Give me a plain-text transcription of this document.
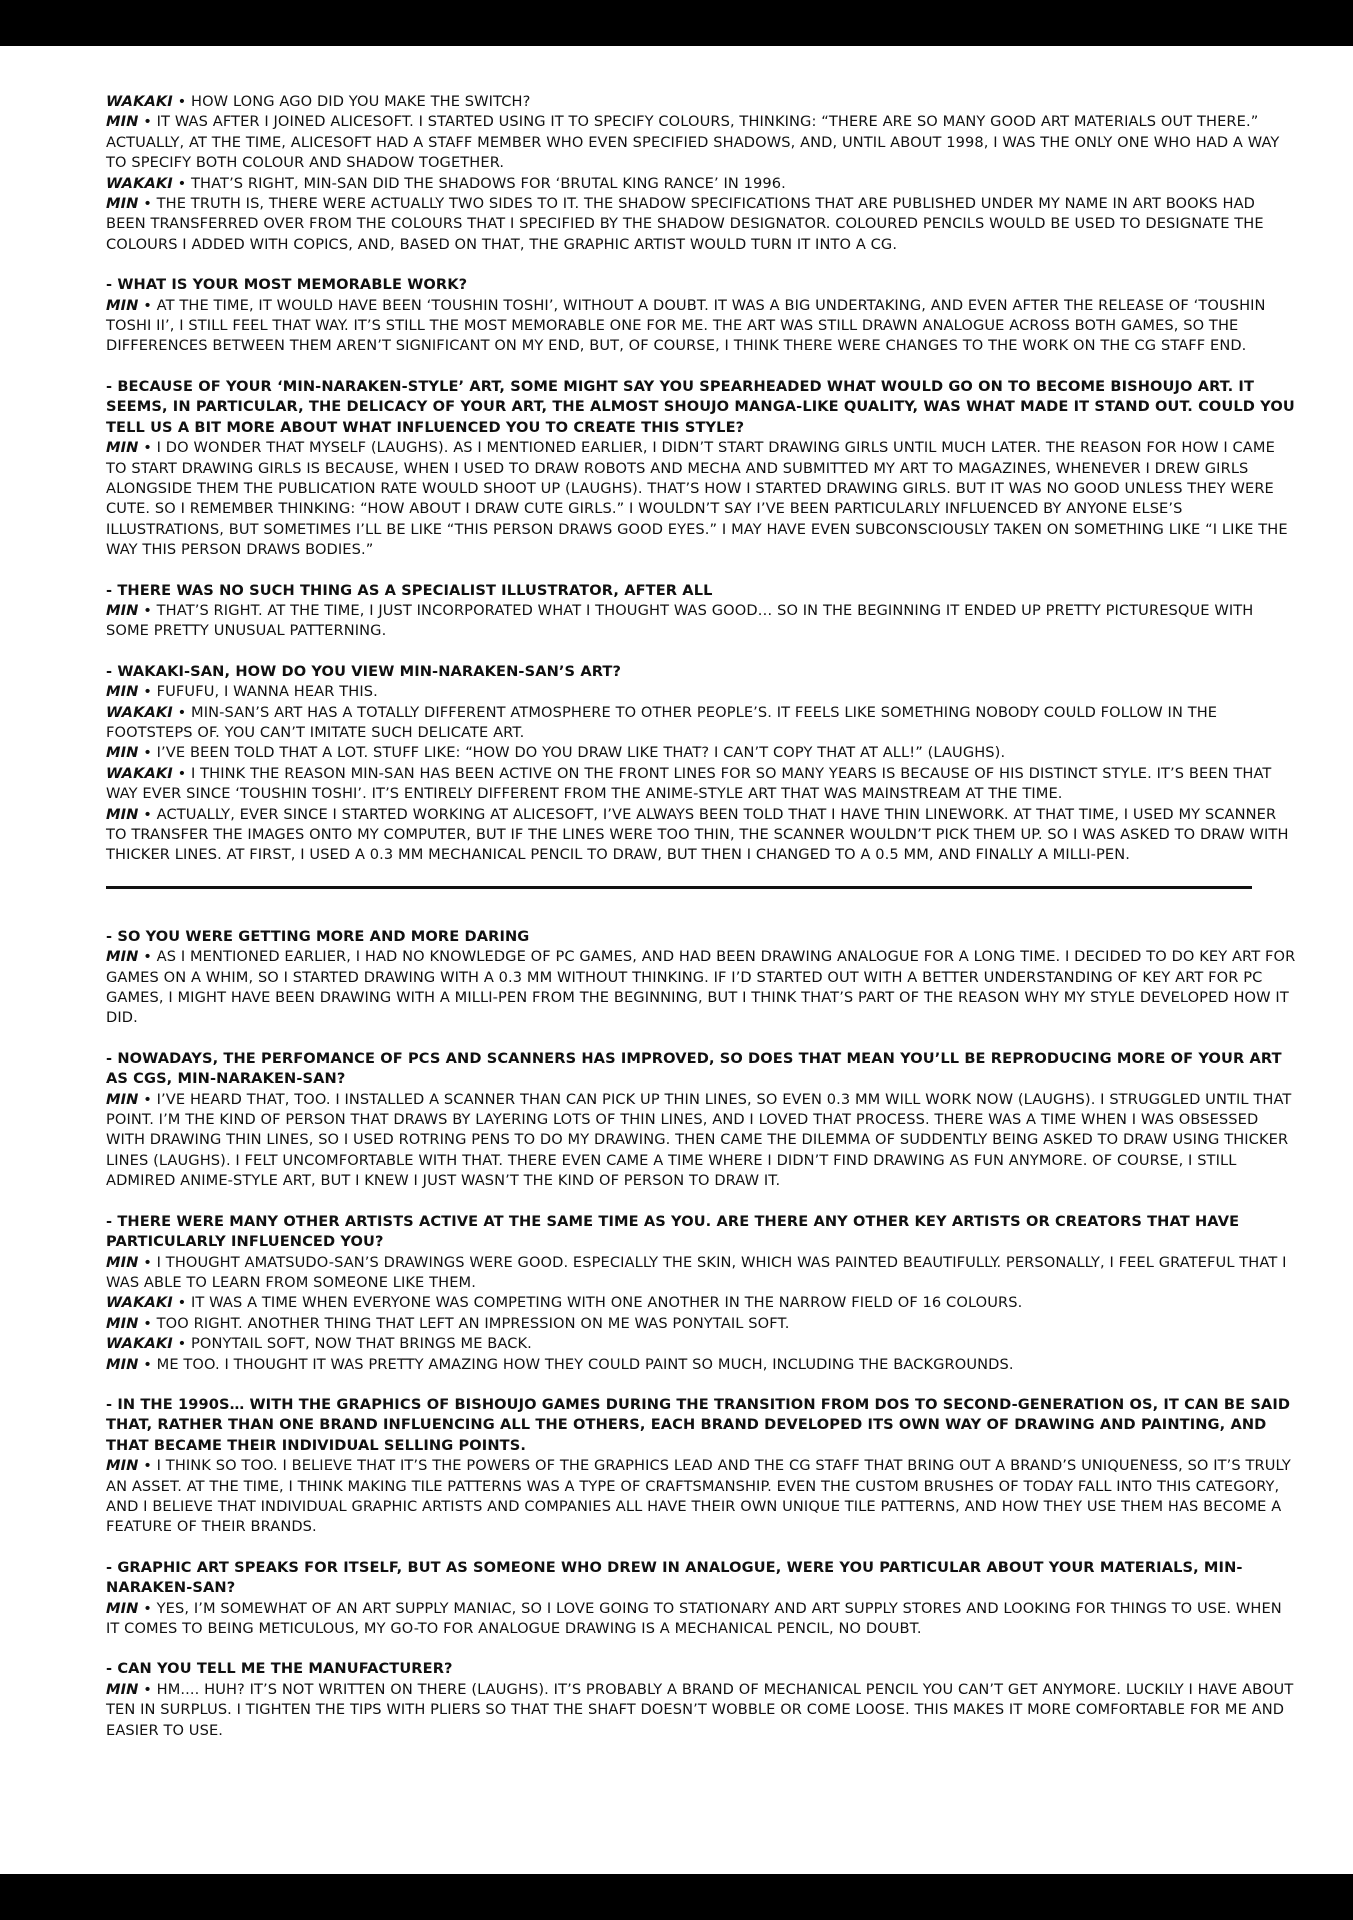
WAKAKI • HOW LONG AGO DID YOU MAKE THE SWITCH?
MIN • IT WAS AFTER I JOINED ALICESOFT. I STARTED USING IT TO SPECIFY COLOURS, THINKING: “THERE ARE SO MANY GOOD ART MATERIALS OUT THERE.” ACTUALLY, AT THE TIME, ALICESOFT HAD A STAFF MEMBER WHO EVEN SPECIFIED SHADOWS, AND, UNTIL ABOUT 1998, I WAS THE ONLY ONE WHO HAD A WAY TO SPECIFY BOTH COLOUR AND SHADOW TOGETHER.
WAKAKI • THAT’S RIGHT, MIN-SAN DID THE SHADOWS FOR ‘BRUTAL KING RANCE’ IN 1996.
MIN • THE TRUTH IS, THERE WERE ACTUALLY TWO SIDES TO IT. THE SHADOW SPECIFICATIONS THAT ARE PUBLISHED UNDER MY NAME IN ART BOOKS HAD BEEN TRANSFERRED OVER FROM THE COLOURS THAT I SPECIFIED BY THE SHADOW DESIGNATOR. COLOURED PENCILS WOULD BE USED TO DESIGNATE THE COLOURS I ADDED WITH COPICS, AND, BASED ON THAT, THE GRAPHIC ARTIST WOULD TURN IT INTO A CG.
- WHAT IS YOUR MOST MEMORABLE WORK?
MIN • AT THE TIME, IT WOULD HAVE BEEN ‘TOUSHIN TOSHI’, WITHOUT A DOUBT. IT WAS A BIG UNDERTAKING, AND EVEN AFTER THE RELEASE OF ‘TOUSHIN TOSHI II’, I STILL FEEL THAT WAY. IT’S STILL THE MOST MEMORABLE ONE FOR ME. THE ART WAS STILL DRAWN ANALOGUE ACROSS BOTH GAMES, SO THE DIFFERENCES BETWEEN THEM AREN’T SIGNIFICANT ON MY END, BUT, OF COURSE, I THINK THERE WERE CHANGES TO THE WORK ON THE CG STAFF END.
- BECAUSE OF YOUR ‘MIN-NARAKEN-STYLE’ ART, SOME MIGHT SAY YOU SPEARHEADED WHAT WOULD GO ON TO BECOME BISHOUJO ART. IT SEEMS, IN PARTICULAR, THE DELICACY OF YOUR ART, THE ALMOST SHOUJO MANGA-LIKE QUALITY, WAS WHAT MADE IT STAND OUT. COULD YOU TELL US A BIT MORE ABOUT WHAT INFLUENCED YOU TO CREATE THIS STYLE?
MIN • I DO WONDER THAT MYSELF (LAUGHS). AS I MENTIONED EARLIER, I DIDN’T START DRAWING GIRLS UNTIL MUCH LATER. THE REASON FOR HOW I CAME TO START DRAWING GIRLS IS BECAUSE, WHEN I USED TO DRAW ROBOTS AND MECHA AND SUBMITTED MY ART TO MAGAZINES, WHENEVER I DREW GIRLS ALONGSIDE THEM THE PUBLICATION RATE WOULD SHOOT UP (LAUGHS). THAT’S HOW I STARTED DRAWING GIRLS. BUT IT WAS NO GOOD UNLESS THEY WERE CUTE. SO I REMEMBER THINKING: “HOW ABOUT I DRAW CUTE GIRLS.” I WOULDN’T SAY I’VE BEEN PARTICULARLY INFLUENCED BY ANYONE ELSE’S ILLUSTRATIONS, BUT SOMETIMES I’LL BE LIKE “THIS PERSON DRAWS GOOD EYES.” I MAY HAVE EVEN SUBCONSCIOUSLY TAKEN ON SOMETHING LIKE “I LIKE THE WAY THIS PERSON DRAWS BODIES.”
- THERE WAS NO SUCH THING AS A SPECIALIST ILLUSTRATOR, AFTER ALL
MIN • THAT’S RIGHT. AT THE TIME, I JUST INCORPORATED WHAT I THOUGHT WAS GOOD… SO IN THE BEGINNING IT ENDED UP PRETTY PICTURESQUE WITH SOME PRETTY UNUSUAL PATTERNING.
- WAKAKI-SAN, HOW DO YOU VIEW MIN-NARAKEN-SAN’S ART?
MIN • FUFUFU, I WANNA HEAR THIS.
WAKAKI • MIN-SAN’S ART HAS A TOTALLY DIFFERENT ATMOSPHERE TO OTHER PEOPLE’S. IT FEELS LIKE SOMETHING NOBODY COULD FOLLOW IN THE FOOTSTEPS OF. YOU CAN’T IMITATE SUCH DELICATE ART.
MIN • I’VE BEEN TOLD THAT A LOT. STUFF LIKE: “HOW DO YOU DRAW LIKE THAT? I CAN’T COPY THAT AT ALL!” (LAUGHS).
WAKAKI • I THINK THE REASON MIN-SAN HAS BEEN ACTIVE ON THE FRONT LINES FOR SO MANY YEARS IS BECAUSE OF HIS DISTINCT STYLE. IT’S BEEN THAT WAY EVER SINCE ‘TOUSHIN TOSHI’. IT’S ENTIRELY DIFFERENT FROM THE ANIME-STYLE ART THAT WAS MAINSTREAM AT THE TIME.
MIN • ACTUALLY, EVER SINCE I STARTED WORKING AT ALICESOFT, I’VE ALWAYS BEEN TOLD THAT I HAVE THIN LINEWORK. AT THAT TIME, I USED MY SCANNER TO TRANSFER THE IMAGES ONTO MY COMPUTER, BUT IF THE LINES WERE TOO THIN, THE SCANNER WOULDN’T PICK THEM UP. SO I WAS ASKED TO DRAW WITH THICKER LINES. AT FIRST, I USED A 0.3 MM MECHANICAL PENCIL TO DRAW, BUT THEN I CHANGED TO A 0.5 MM, AND FINALLY A MILLI-PEN.
- SO YOU WERE GETTING MORE AND MORE DARING
MIN • AS I MENTIONED EARLIER, I HAD NO KNOWLEDGE OF PC GAMES, AND HAD BEEN DRAWING ANALOGUE FOR A LONG TIME. I DECIDED TO DO KEY ART FOR GAMES ON A WHIM, SO I STARTED DRAWING WITH A 0.3 MM WITHOUT THINKING. IF I’D STARTED OUT WITH A BETTER UNDERSTANDING OF KEY ART FOR PC GAMES, I MIGHT HAVE BEEN DRAWING WITH A MILLI-PEN FROM THE BEGINNING, BUT I THINK THAT’S PART OF THE REASON WHY MY STYLE DEVELOPED HOW IT DID.
- NOWADAYS, THE PERFOMANCE OF PCS AND SCANNERS HAS IMPROVED, SO DOES THAT MEAN YOU’LL BE REPRODUCING MORE OF YOUR ART AS CGS, MIN-NARAKEN-SAN?
MIN • I’VE HEARD THAT, TOO. I INSTALLED A SCANNER THAN CAN PICK UP THIN LINES, SO EVEN 0.3 MM WILL WORK NOW (LAUGHS). I STRUGGLED UNTIL THAT POINT. I’M THE KIND OF PERSON THAT DRAWS BY LAYERING LOTS OF THIN LINES, AND I LOVED THAT PROCESS. THERE WAS A TIME WHEN I WAS OBSESSED WITH DRAWING THIN LINES, SO I USED ROTRING PENS TO DO MY DRAWING. THEN CAME THE DILEMMA OF SUDDENTLY BEING ASKED TO DRAW USING THICKER LINES (LAUGHS). I FELT UNCOMFORTABLE WITH THAT. THERE EVEN CAME A TIME WHERE I DIDN’T FIND DRAWING AS FUN ANYMORE. OF COURSE, I STILL ADMIRED ANIME-STYLE ART, BUT I KNEW I JUST WASN’T THE KIND OF PERSON TO DRAW IT.
- THERE WERE MANY OTHER ARTISTS ACTIVE AT THE SAME TIME AS YOU. ARE THERE ANY OTHER KEY ARTISTS OR CREATORS THAT HAVE PARTICULARLY INFLUENCED YOU?
MIN • I THOUGHT AMATSUDO-SAN’S DRAWINGS WERE GOOD. ESPECIALLY THE SKIN, WHICH WAS PAINTED BEAUTIFULLY. PERSONALLY, I FEEL GRATEFUL THAT I WAS ABLE TO LEARN FROM SOMEONE LIKE THEM.
WAKAKI • IT WAS A TIME WHEN EVERYONE WAS COMPETING WITH ONE ANOTHER IN THE NARROW FIELD OF 16 COLOURS.
MIN • TOO RIGHT. ANOTHER THING THAT LEFT AN IMPRESSION ON ME WAS PONYTAIL SOFT.
WAKAKI • PONYTAIL SOFT, NOW THAT BRINGS ME BACK.
MIN • ME TOO. I THOUGHT IT WAS PRETTY AMAZING HOW THEY COULD PAINT SO MUCH, INCLUDING THE BACKGROUNDS.
- IN THE 1990S… WITH THE GRAPHICS OF BISHOUJO GAMES DURING THE TRANSITION FROM DOS TO SECOND-GENERATION OS, IT CAN BE SAID THAT, RATHER THAN ONE BRAND INFLUENCING ALL THE OTHERS, EACH BRAND DEVELOPED ITS OWN WAY OF DRAWING AND PAINTING, AND THAT BECAME THEIR INDIVIDUAL SELLING POINTS.
MIN • I THINK SO TOO. I BELIEVE THAT IT’S THE POWERS OF THE GRAPHICS LEAD AND THE CG STAFF THAT BRING OUT A BRAND’S UNIQUENESS, SO IT’S TRULY AN ASSET. AT THE TIME, I THINK MAKING TILE PATTERNS WAS A TYPE OF CRAFTSMANSHIP. EVEN THE CUSTOM BRUSHES OF TODAY FALL INTO THIS CATEGORY, AND I BELIEVE THAT INDIVIDUAL GRAPHIC ARTISTS AND COMPANIES ALL HAVE THEIR OWN UNIQUE TILE PATTERNS, AND HOW THEY USE THEM HAS BECOME A FEATURE OF THEIR BRANDS.
- GRAPHIC ART SPEAKS FOR ITSELF, BUT AS SOMEONE WHO DREW IN ANALOGUE, WERE YOU PARTICULAR ABOUT YOUR MATERIALS, MIN-NARAKEN-SAN?
MIN • YES, I’M SOMEWHAT OF AN ART SUPPLY MANIAC, SO I LOVE GOING TO STATIONARY AND ART SUPPLY STORES AND LOOKING FOR THINGS TO USE. WHEN IT COMES TO BEING METICULOUS, MY GO-TO FOR ANALOGUE DRAWING IS A MECHANICAL PENCIL, NO DOUBT.
- CAN YOU TELL ME THE MANUFACTURER?
MIN • HM.... HUH? IT’S NOT WRITTEN ON THERE (LAUGHS). IT’S PROBABLY A BRAND OF MECHANICAL PENCIL YOU CAN’T GET ANYMORE. LUCKILY I HAVE ABOUT TEN IN SURPLUS. I TIGHTEN THE TIPS WITH PLIERS SO THAT THE SHAFT DOESN’T WOBBLE OR COME LOOSE. THIS MAKES IT MORE COMFORTABLE FOR ME AND EASIER TO USE.
